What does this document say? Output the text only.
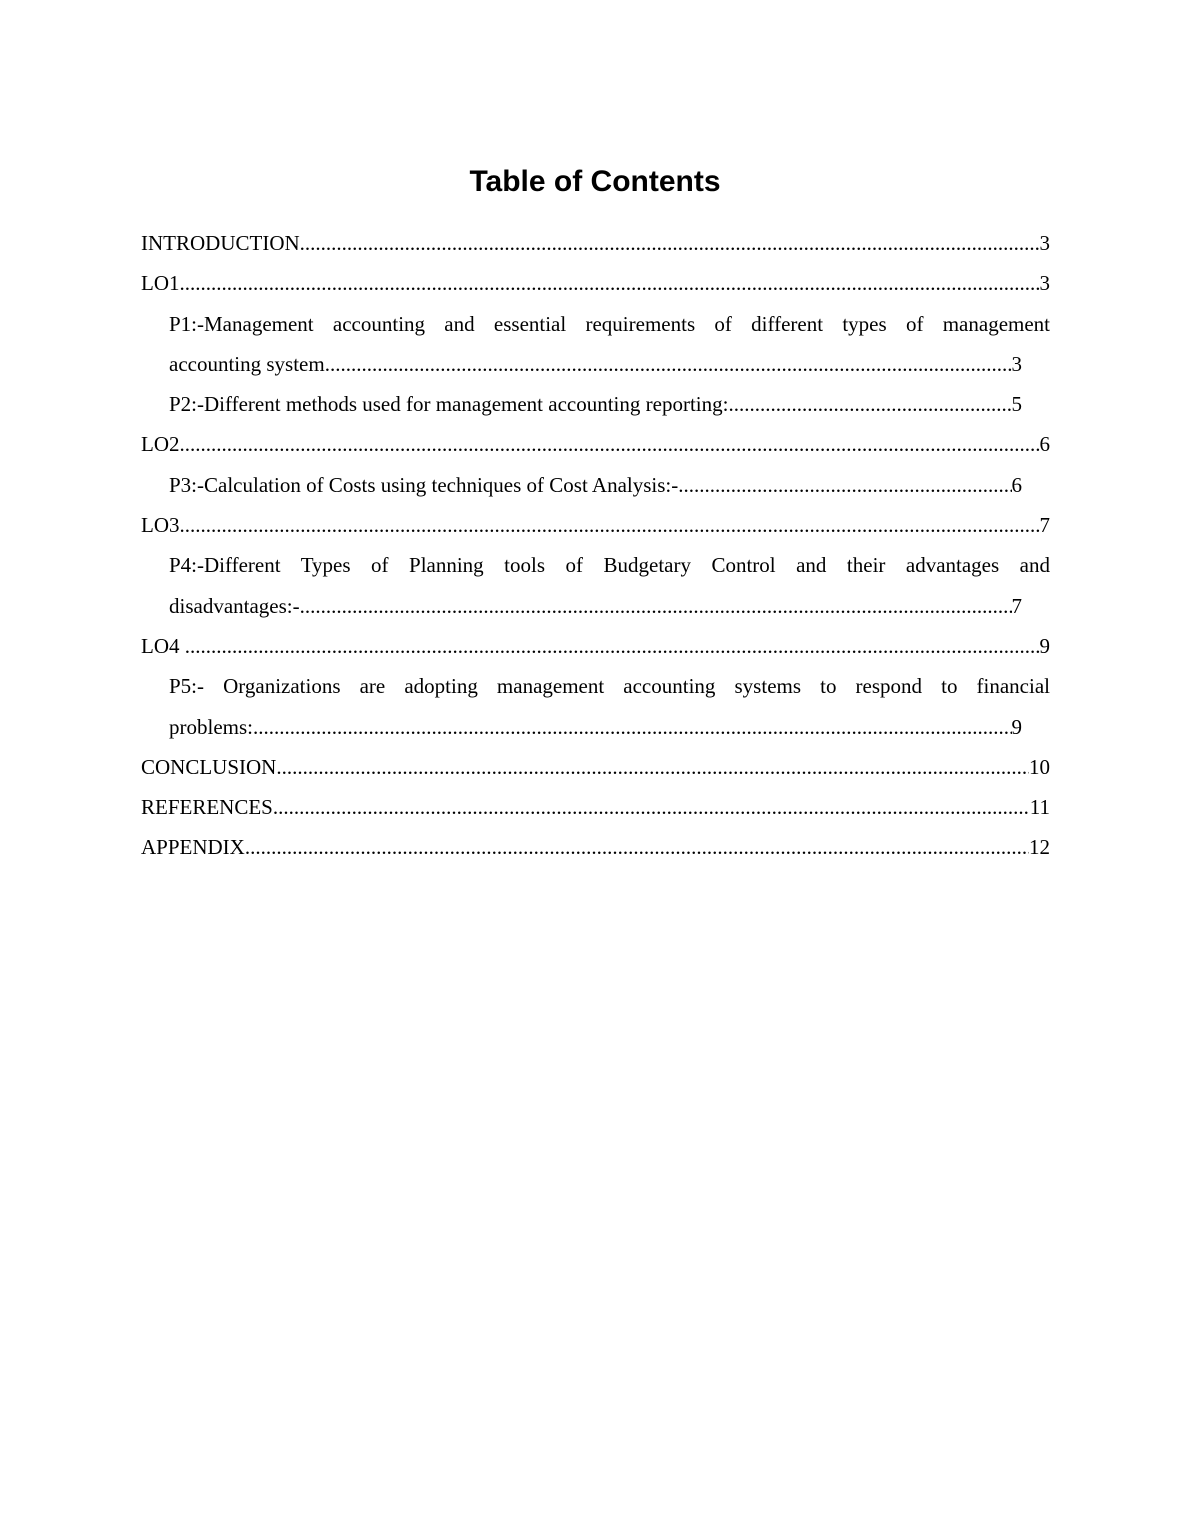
Table of Contents
INTRODUCTION .....	3
LO1 .....	3
P1:-Management accounting and essential requirements of different types of management
accounting system .....	3
P2:-Different methods used for management accounting reporting: .....	5
LO2 .....	6
P3:-Calculation of Costs using techniques of Cost Analysis:- .....	6
LO3 .....	7
P4:-Different Types of Planning tools of Budgetary Control and their advantages and
disadvantages:- .....	7
LO4 .....	9
P5:- Organizations are adopting management accounting systems to respond to financial
problems: .....	9
CONCLUSION .....	10
REFERENCES .....	11
APPENDIX .....	12
